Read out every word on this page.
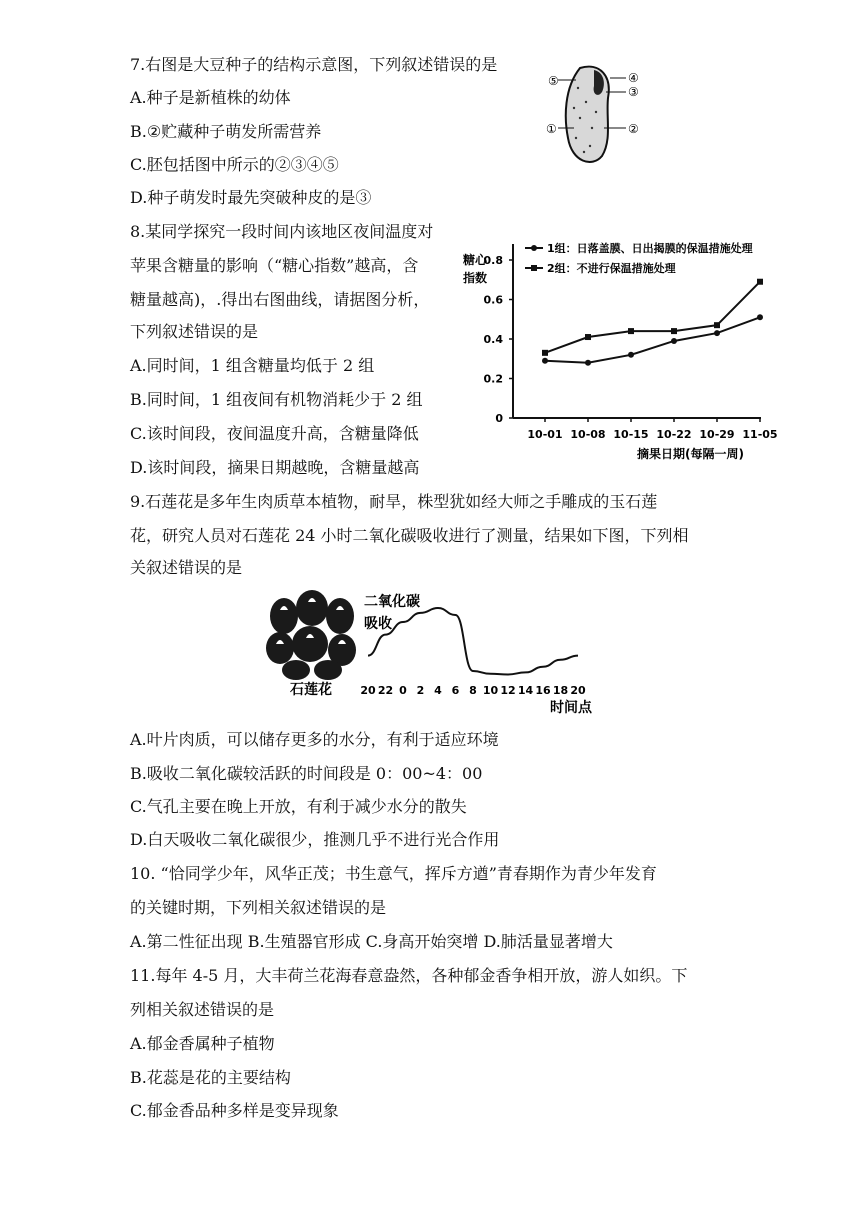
7.右图是大豆种子的结构示意图，下列叙述错误的是
A.种子是新植株的幼体
B.②贮藏种子萌发所需营养
C.胚包括图中所示的②③④⑤
D.种子萌发时最先突破种皮的是③
⑤	④
③
①	②
8.某同学探究一段时间内该地区夜间温度对
苹果含糖量的影响（“糖心指数”越高，含
糖量越高)，.得出右图曲线，请据图分析，
下列叙述错误的是
A.同时间，1 组含糖量均低于 2 组
B.同时间，1 组夜间有机物消耗少于 2 组
C.该时间段，夜间温度升高，含糖量降低
D.该时间段，摘果日期越晚，含糖量越高
糖心
指数
1组：日落盖膜、日出揭膜的保温措施处理
2组：不进行保温措施处理
0
0.2
0.4
0.6
0.8
10-01 10-08 10-15 10-22 10-29 11-05
摘果日期(每隔一周)
9.石莲花是多年生肉质草本植物，耐旱，株型犹如经大师之手雕成的玉石莲
花，研究人员对石莲花 24 小时二氧化碳吸收进行了测量，结果如下图，下列相
关叙述错误的是
石莲花
二氧化碳
吸收
20 22 0 2 4 6 8 10 12 14 16 18 20
时间点
A.叶片肉质，可以储存更多的水分，有利于适应环境
B.吸收二氧化碳较活跃的时间段是 0：00~4：00
C.气孔主要在晚上开放，有利于减少水分的散失
D.白天吸收二氧化碳很少，推测几乎不进行光合作用
10. “恰同学少年，风华正茂；书生意气，挥斥方遒”青春期作为青少年发育
的关键时期，下列相关叙述错误的是
A.第二性征出现 B.生殖器官形成 C.身高开始突增 D.肺活量显著增大
11.每年 4-5 月，大丰荷兰花海春意盎然，各种郁金香争相开放，游人如织。下
列相关叙述错误的是
A.郁金香属种子植物
B.花蕊是花的主要结构
C.郁金香品种多样是变异现象
